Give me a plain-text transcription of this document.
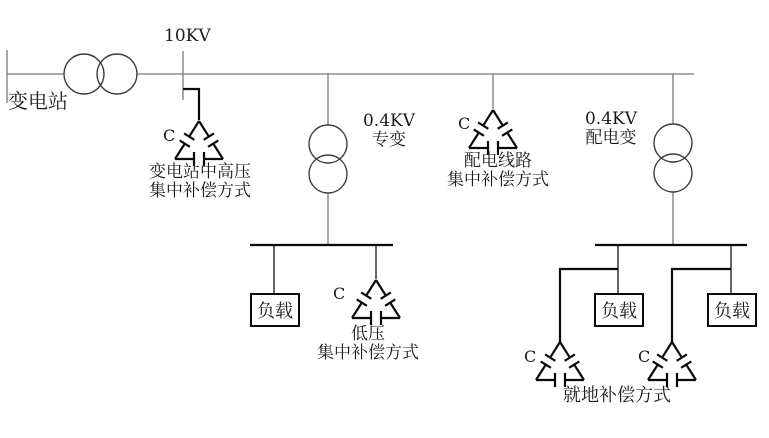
变电站
10KV
C
变电站中高压
集中补偿方式
0.4KV
专变
C
配电线路
集中补偿方式
0.4KV
配电变
C
低压
集中补偿方式	C	C
就地补偿方式
负载	负载	负载
